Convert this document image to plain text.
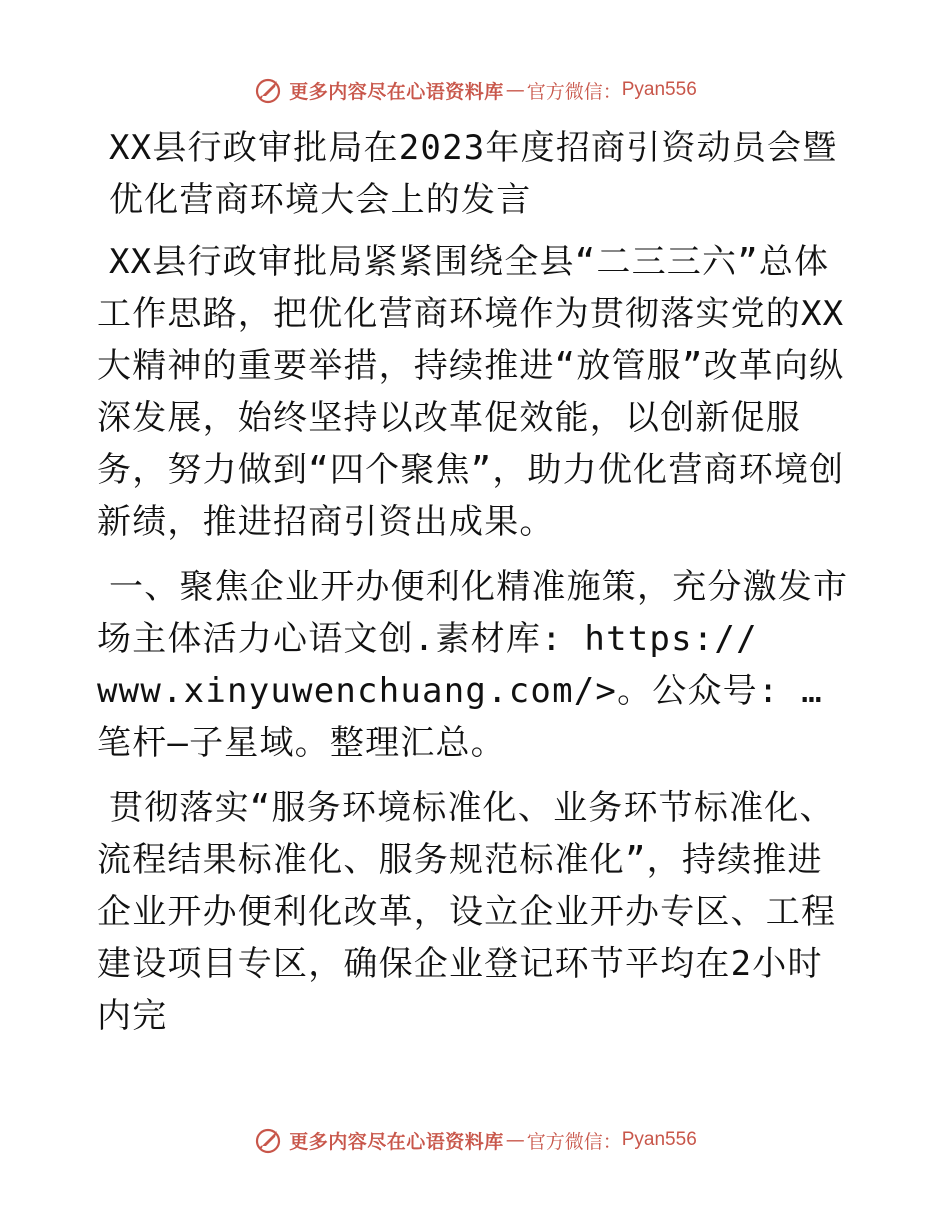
更多内容尽在心语资料库 — 官方微信： Pyan556
XX县行政审批局在2023年度招商引资动员会暨优化营商环境大会上的发言
XX县行政审批局紧紧围绕全县“二三三六”总体工作思路，把优化营商环境作为贯彻落实党的XX大精神的重要举措，持续推进“放管服”改革向纵深发展，始终坚持以改革促效能，以创新促服务，努力做到“四个聚焦”，助力优化营商环境创新绩，推进招商引资出成果。
一、聚焦企业开办便利化精准施策，充分激发市场主体活力心语文创.素材库: https:// www.xinyuwenchuang.com/>。公众号: …笔杆—子星域。整理汇总。
贯彻落实“服务环境标准化、业务环节标准化、流程结果标准化、服务规范标准化”，持续推进企业开办便利化改革，设立企业开办专区、工程建设项目专区，确保企业登记环节平均在2小时内完
更多内容尽在心语资料库 — 官方微信： Pyan556
